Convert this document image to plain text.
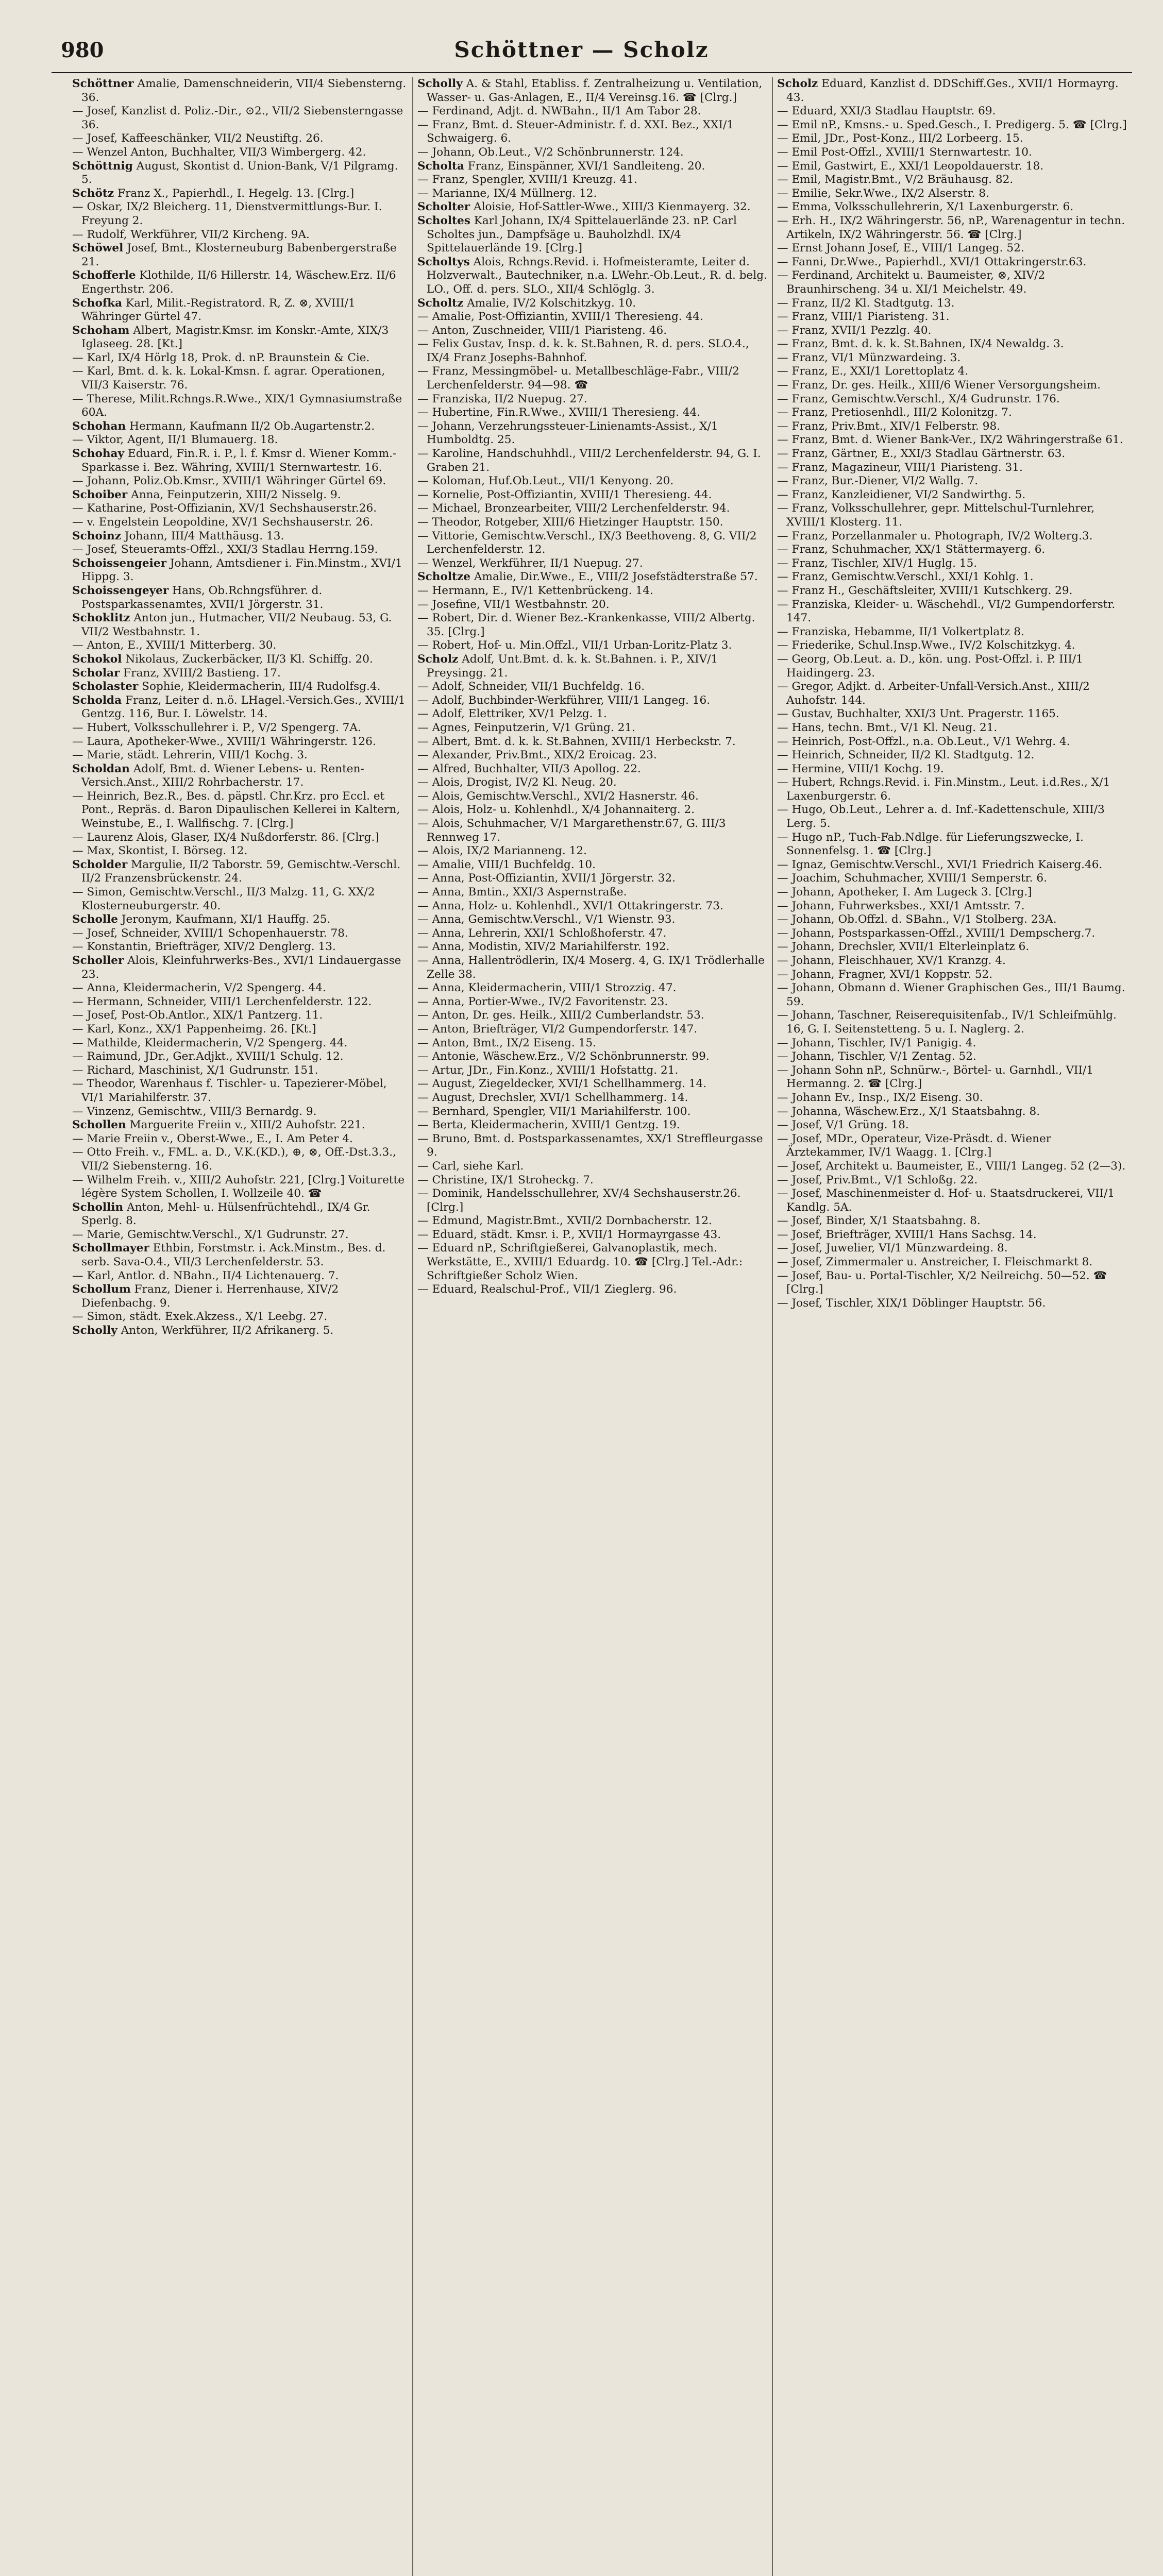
980	Schöttner — Scholz

Schöttner Amalie, Damenschneiderin, VII/4 Siebensterng. 36.

— Josef, Kanzlist d. Poliz.-Dir., ⊙2., VII/2 Siebensterngasse 36.

— Josef, Kaffeeschänker, VII/2 Neustiftg. 26.

— Wenzel Anton, Buchhalter, VII/3 Wimbergerg. 42.

Schöttnig August, Skontist d. Union-Bank, V/1 Pilgramg. 5.

Schötz Franz X., Papierhdl., I. Hegelg. 13. [Clrg.]

— Oskar, IX/2 Bleicherg. 11, Dienstvermittlungs-Bur. I. Freyung 2.

— Rudolf, Werkführer, VII/2 Kircheng. 9A.

Schöwel Josef, Bmt., Klosterneuburg Babenbergerstraße 21.

Schofferle Klothilde, II/6 Hillerstr. 14, Wäschew.Erz. II/6 Engerthstr. 206.

Schofka Karl, Milit.-Registratord. R, Z. ⊗, XVIII/1 Währinger Gürtel 47.

Schoham Albert, Magistr.Kmsr. im Konskr.-Amte, XIX/3 Iglaseeg. 28. [Kt.]

— Karl, IX/4 Hörlg 18, Prok. d. nP. Braunstein & Cie.

— Karl, Bmt. d. k. k. Lokal-Kmsn. f. agrar. Operationen, VII/3 Kaiserstr. 76.

— Therese, Milit.Rchngs.R.Wwe., XIX/1 Gymnasiumstraße 60A.

Schohan Hermann, Kaufmann II/2 Ob.Augartenstr.2.

— Viktor, Agent, II/1 Blumauerg. 18.

Schohay Eduard, Fin.R. i. P., l. f. Kmsr d. Wiener Komm.-Sparkasse i. Bez. Währing, XVIII/1 Sternwartestr. 16.

— Johann, Poliz.Ob.Kmsr., XVIII/1 Währinger Gürtel 69.

Schoiber Anna, Feinputzerin, XIII/2 Nisselg. 9.

— Katharine, Post-Offizianin, XV/1 Sechshauserstr.26.

— v. Engelstein Leopoldine, XV/1 Sechshauserstr. 26.

Schoinz Johann, III/4 Matthäusg. 13.

— Josef, Steueramts-Offzl., XXI/3 Stadlau Herrng.159.

Schoissengeier Johann, Amtsdiener i. Fin.Minstm., XVI/1 Hippg. 3.

Schoissengeyer Hans, Ob.Rchngsführer. d. Postsparkassenamtes, XVII/1 Jörgerstr. 31.

Schoklitz Anton jun., Hutmacher, VII/2 Neubaug. 53, G. VII/2 Westbahnstr. 1.

— Anton, E., XVIII/1 Mitterberg. 30.

Schokol Nikolaus, Zuckerbäcker, II/3 Kl. Schiffg. 20.

Scholar Franz, XVIII/2 Bastieng. 17.

Scholaster Sophie, Kleidermacherin, III/4 Rudolfsg.4.

Scholda Franz, Leiter d. n.ö. LHagel.-Versich.Ges., XVIII/1 Gentzg. 116, Bur. I. Löwelstr. 14.

— Hubert, Volksschullehrer i. P., V/2 Spengerg. 7A.

— Laura, Apotheker-Wwe., XVIII/1 Währingerstr. 126.

— Marie, städt. Lehrerin, VIII/1 Kochg. 3.

Scholdan Adolf, Bmt. d. Wiener Lebens- u. Renten-Versich.Anst., XIII/2 Rohrbacherstr. 17.

— Heinrich, Bez.R., Bes. d. päpstl. Chr.Krz. pro Eccl. et Pont., Repräs. d. Baron Dipaulischen Kellerei in Kaltern, Weinstube, E., I. Wallfischg. 7. [Clrg.]

— Laurenz Alois, Glaser, IX/4 Nußdorferstr. 86. [Clrg.]

— Max, Skontist, I. Börseg. 12.

Scholder Margulie, II/2 Taborstr. 59, Gemischtw.-Verschl. II/2 Franzensbrückenstr. 24.

— Simon, Gemischtw.Verschl., II/3 Malzg. 11, G. XX/2 Klosterneuburgerstr. 40.

Scholle Jeronym, Kaufmann, XI/1 Hauffg. 25.

— Josef, Schneider, XVIII/1 Schopenhauerstr. 78.

— Konstantin, Briefträger, XIV/2 Denglerg. 13.

Scholler Alois, Kleinfuhrwerks-Bes., XVI/1 Lindauergasse 23.

— Anna, Kleidermacherin, V/2 Spengerg. 44.

— Hermann, Schneider, VIII/1 Lerchenfelderstr. 122.

— Josef, Post-Ob.Antlor., XIX/1 Pantzerg. 11.

— Karl, Konz., XX/1 Pappenheimg. 26. [Kt.]

— Mathilde, Kleidermacherin, V/2 Spengerg. 44.

— Raimund, JDr., Ger.Adjkt., XVIII/1 Schulg. 12.

— Richard, Maschinist, X/1 Gudrunstr. 151.

— Theodor, Warenhaus f. Tischler- u. Tapezierer-Möbel, VI/1 Mariahilferstr. 37.

— Vinzenz, Gemischtw., VIII/3 Bernardg. 9.

Schollen Marguerite Freiin v., XIII/2 Auhofstr. 221.

— Marie Freiin v., Oberst-Wwe., E., I. Am Peter 4.

— Otto Freih. v., FML. a. D., V.K.(KD.), ⊕, ⊗, Off.-Dst.3.3., VII/2 Siebensterng. 16.

— Wilhelm Freih. v., XIII/2 Auhofstr. 221, [Clrg.] Voiturette légère System Schollen, I. Wollzeile 40. ☎

Schollin Anton, Mehl- u. Hülsenfrüchtehdl., IX/4 Gr. Sperlg. 8.

— Marie, Gemischtw.Verschl., X/1 Gudrunstr. 27.

Schollmayer Ethbin, Forstmstr. i. Ack.Minstm., Bes. d. serb. Sava-O.4., VII/3 Lerchenfelderstr. 53.

— Karl, Antlor. d. NBahn., II/4 Lichtenauerg. 7.

Schollum Franz, Diener i. Herrenhause, XIV/2 Diefenbachg. 9.

— Simon, städt. Exek.Akzess., X/1 Leebg. 27.

Scholly Anton, Werkführer, II/2 Afrikanerg. 5.

Scholly A. & Stahl, Etabliss. f. Zentralheizung u. Ventilation, Wasser- u. Gas-Anlagen, E., II/4 Vereinsg.16. ☎ [Clrg.]

— Ferdinand, Adjt. d. NWBahn., II/1 Am Tabor 28.

— Franz, Bmt. d. Steuer-Administr. f. d. XXI. Bez., XXI/1 Schwaigerg. 6.

— Johann, Ob.Leut., V/2 Schönbrunnerstr. 124.

Scholta Franz, Einspänner, XVI/1 Sandleiteng. 20.

— Franz, Spengler, XVIII/1 Kreuzg. 41.

— Marianne, IX/4 Müllnerg. 12.

Scholter Aloisie, Hof-Sattler-Wwe., XIII/3 Kienmayerg. 32.

Scholtes Karl Johann, IX/4 Spittelauerlände 23. nP. Carl Scholtes jun., Dampfsäge u. Bauholzhdl. IX/4 Spittelauerlände 19. [Clrg.]

Scholtys Alois, Rchngs.Revid. i. Hofmeisteramte, Leiter d. Holzverwalt., Bautechniker, n.a. LWehr.-Ob.Leut., R. d. belg. LO., Off. d. pers. SLO., XII/4 Schlöglg. 3.

Scholtz Amalie, IV/2 Kolschitzkyg. 10.

— Amalie, Post-Offiziantin, XVIII/1 Theresieng. 44.

— Anton, Zuschneider, VIII/1 Piaristeng. 46.

— Felix Gustav, Insp. d. k. k. St.Bahnen, R. d. pers. SLO.4., IX/4 Franz Josephs-Bahnhof.

— Franz, Messingmöbel- u. Metallbeschläge-Fabr., VIII/2 Lerchenfelderstr. 94—98. ☎

— Franziska, II/2 Nuepug. 27.

— Hubertine, Fin.R.Wwe., XVIII/1 Theresieng. 44.

— Johann, Verzehrungssteuer-Linienamts-Assist., X/1 Humboldtg. 25.

— Karoline, Handschuhhdl., VIII/2 Lerchenfelderstr. 94, G. I. Graben 21.

— Koloman, Huf.Ob.Leut., VII/1 Kenyong. 20.

— Kornelie, Post-Offiziantin, XVIII/1 Theresieng. 44.

— Michael, Bronzearbeiter, VIII/2 Lerchenfelderstr. 94.

— Theodor, Rotgeber, XIII/6 Hietzinger Hauptstr. 150.

— Vittorie, Gemischtw.Verschl., IX/3 Beethoveng. 8, G. VII/2 Lerchenfelderstr. 12.

— Wenzel, Werkführer, II/1 Nuepug. 27.

Scholtze Amalie, Dir.Wwe., E., VIII/2 Josefstädterstraße 57.

— Hermann, E., IV/1 Kettenbrückeng. 14.

— Josefine, VII/1 Westbahnstr. 20.

— Robert, Dir. d. Wiener Bez.-Krankenkasse, VIII/2 Albertg. 35. [Clrg.]

— Robert, Hof- u. Min.Offzl., VII/1 Urban-Loritz-Platz 3.

Scholz Adolf, Unt.Bmt. d. k. k. St.Bahnen. i. P., XIV/1 Preysingg. 21.

— Adolf, Schneider, VII/1 Buchfeldg. 16.

— Adolf, Buchbinder-Werkführer, VIII/1 Langeg. 16.

— Adolf, Elettriker, XV/1 Pelzg. 1.

— Agnes, Feinputzerin, V/1 Grüng. 21.

— Albert, Bmt. d. k. k. St.Bahnen, XVIII/1 Herbeckstr. 7.

— Alexander, Priv.Bmt., XIX/2 Eroicag. 23.

— Alfred, Buchhalter, VII/3 Apollog. 22.

— Alois, Drogist, IV/2 Kl. Neug. 20.

— Alois, Gemischtw.Verschl., XVI/2 Hasnerstr. 46.

— Alois, Holz- u. Kohlenhdl., X/4 Johannaiterg. 2.

— Alois, Schuhmacher, V/1 Margarethenstr.67, G. III/3 Rennweg 17.

— Alois, IX/2 Marianneng. 12.

— Amalie, VIII/1 Buchfeldg. 10.

— Anna, Post-Offiziantin, XVII/1 Jörgerstr. 32.

— Anna, Bmtin., XXI/3 Aspernstraße.

— Anna, Holz- u. Kohlenhdl., XVI/1 Ottakringerstr. 73.

— Anna, Gemischtw.Verschl., V/1 Wienstr. 93.

— Anna, Lehrerin, XXI/1 Schloßhoferstr. 47.

— Anna, Modistin, XIV/2 Mariahilferstr. 192.

— Anna, Hallentrödlerin, IX/4 Moserg. 4, G. IX/1 Trödlerhalle Zelle 38.

— Anna, Kleidermacherin, VIII/1 Strozzig. 47.

— Anna, Portier-Wwe., IV/2 Favoritenstr. 23.

— Anton, Dr. ges. Heilk., XIII/2 Cumberlandstr. 53.

— Anton, Briefträger, VI/2 Gumpendorferstr. 147.

— Anton, Bmt., IX/2 Eiseng. 15.

— Antonie, Wäschew.Erz., V/2 Schönbrunnerstr. 99.

— Artur, JDr., Fin.Konz., XVIII/1 Hofstattg. 21.

— August, Ziegeldecker, XVI/1 Schellhammerg. 14.

— August, Drechsler, XVI/1 Schellhammerg. 14.

— Bernhard, Spengler, VII/1 Mariahilferstr. 100.

— Berta, Kleidermacherin, XVIII/1 Gentzg. 19.

— Bruno, Bmt. d. Postsparkassenamtes, XX/1 Streffleurgasse 9.

— Carl, siehe Karl.

— Christine, IX/1 Stroheckg. 7.

— Dominik, Handelsschullehrer, XV/4 Sechshauserstr.26. [Clrg.]

— Edmund, Magistr.Bmt., XVII/2 Dornbacherstr. 12.

— Eduard, städt. Kmsr. i. P., XVII/1 Hormayrgasse 43.

— Eduard nP., Schriftgießerei, Galvanoplastik, mech. Werkstätte, E., XVIII/1 Eduardg. 10. ☎ [Clrg.] Tel.-Adr.: Schriftgießer Scholz Wien.

— Eduard, Realschul-Prof., VII/1 Zieglerg. 96.

Scholz Eduard, Kanzlist d. DDSchiff.Ges., XVII/1 Hormayrg. 43.

— Eduard, XXI/3 Stadlau Hauptstr. 69.

— Emil nP., Kmsns.- u. Sped.Gesch., I. Predigerg. 5. ☎ [Clrg.]

— Emil, JDr., Post-Konz., III/2 Lorbeerg. 15.

— Emil Post-Offzl., XVIII/1 Sternwartestr. 10.

— Emil, Gastwirt, E., XXI/1 Leopoldauerstr. 18.

— Emil, Magistr.Bmt., V/2 Bräuhausg. 82.

— Emilie, Sekr.Wwe., IX/2 Alserstr. 8.

— Emma, Volksschullehrerin, X/1 Laxenburgerstr. 6.

— Erh. H., IX/2 Währingerstr. 56, nP., Warenagentur in techn. Artikeln, IX/2 Währingerstr. 56. ☎ [Clrg.]

— Ernst Johann Josef, E., VIII/1 Langeg. 52.

— Fanni, Dr.Wwe., Papierhdl., XVI/1 Ottakringerstr.63.

— Ferdinand, Architekt u. Baumeister, ⊗, XIV/2 Braunhirscheng. 34 u. XI/1 Meichelstr. 49.

— Franz, II/2 Kl. Stadtgutg. 13.

— Franz, VIII/1 Piaristeng. 31.

— Franz, XVII/1 Pezzlg. 40.

— Franz, Bmt. d. k. k. St.Bahnen, IX/4 Newaldg. 3.

— Franz, VI/1 Münzwardeing. 3.

— Franz, E., XXI/1 Lorettoplatz 4.

— Franz, Dr. ges. Heilk., XIII/6 Wiener Versorgungsheim.

— Franz, Gemischtw.Verschl., X/4 Gudrunstr. 176.

— Franz, Pretiosenhdl., III/2 Kolonitzg. 7.

— Franz, Priv.Bmt., XIV/1 Felberstr. 98.

— Franz, Bmt. d. Wiener Bank-Ver., IX/2 Währingerstraße 61.

— Franz, Gärtner, E., XXI/3 Stadlau Gärtnerstr. 63.

— Franz, Magazineur, VIII/1 Piaristeng. 31.

— Franz, Bur.-Diener, VI/2 Wallg. 7.

— Franz, Kanzleidiener, VI/2 Sandwirthg. 5.

— Franz, Volksschullehrer, gepr. Mittelschul-Turnlehrer, XVIII/1 Klosterg. 11.

— Franz, Porzellanmaler u. Photograph, IV/2 Wolterg.3.

— Franz, Schuhmacher, XX/1 Stättermayerg. 6.

— Franz, Tischler, XIV/1 Huglg. 15.

— Franz, Gemischtw.Verschl., XXI/1 Kohlg. 1.

— Franz H., Geschäftsleiter, XVIII/1 Kutschkerg. 29.

— Franziska, Kleider- u. Wäschehdl., VI/2 Gumpendorferstr. 147.

— Franziska, Hebamme, II/1 Volkertplatz 8.

— Friederike, Schul.Insp.Wwe., IV/2 Kolschitzkyg. 4.

— Georg, Ob.Leut. a. D., kön. ung. Post-Offzl. i. P. III/1 Haidingerg. 23.

— Gregor, Adjkt. d. Arbeiter-Unfall-Versich.Anst., XIII/2 Auhofstr. 144.

— Gustav, Buchhalter, XXI/3 Unt. Pragerstr. 1165.

— Hans, techn. Bmt., V/1 Kl. Neug. 21.

— Heinrich, Post-Offzl., n.a. Ob.Leut., V/1 Wehrg. 4.

— Heinrich, Schneider, II/2 Kl. Stadtgutg. 12.

— Hermine, VIII/1 Kochg. 19.

— Hubert, Rchngs.Revid. i. Fin.Minstm., Leut. i.d.Res., X/1 Laxenburgerstr. 6.

— Hugo, Ob.Leut., Lehrer a. d. Inf.-Kadettenschule, XIII/3 Lerg. 5.

— Hugo nP., Tuch-Fab.Ndlge. für Lieferungszwecke, I. Sonnenfelsg. 1. ☎ [Clrg.]

— Ignaz, Gemischtw.Verschl., XVI/1 Friedrich Kaiserg.46.

— Joachim, Schuhmacher, XVIII/1 Semperstr. 6.

— Johann, Apotheker, I. Am Lugeck 3. [Clrg.]

— Johann, Fuhrwerksbes., XXI/1 Amtsstr. 7.

— Johann, Ob.Offzl. d. SBahn., V/1 Stolberg. 23A.

— Johann, Postsparkassen-Offzl., XVIII/1 Dempscherg.7.

— Johann, Drechsler, XVII/1 Elterleinplatz 6.

— Johann, Fleischhauer, XV/1 Kranzg. 4.

— Johann, Fragner, XVI/1 Koppstr. 52.

— Johann, Obmann d. Wiener Graphischen Ges., III/1 Baumg. 59.

— Johann, Taschner, Reiserequisitenfab., IV/1 Schleifmühlg. 16, G. I. Seitenstetteng. 5 u. I. Naglerg. 2.

— Johann, Tischler, IV/1 Panigig. 4.

— Johann, Tischler, V/1 Zentag. 52.

— Johann Sohn nP., Schnürw.-, Börtel- u. Garnhdl., VII/1 Hermanng. 2. ☎ [Clrg.]

— Johann Ev., Insp., IX/2 Eiseng. 30.

— Johanna, Wäschew.Erz., X/1 Staatsbahng. 8.

— Josef, V/1 Grüng. 18.

— Josef, MDr., Operateur, Vize-Präsdt. d. Wiener Ärztekammer, IV/1 Waagg. 1. [Clrg.]

— Josef, Architekt u. Baumeister, E., VIII/1 Langeg. 52 (2—3).

— Josef, Priv.Bmt., V/1 Schloßg. 22.

— Josef, Maschinenmeister d. Hof- u. Staatsdruckerei, VII/1 Kandlg. 5A.

— Josef, Binder, X/1 Staatsbahng. 8.

— Josef, Briefträger, XVIII/1 Hans Sachsg. 14.

— Josef, Juwelier, VI/1 Münzwardeing. 8.

— Josef, Zimmermaler u. Anstreicher, I. Fleischmarkt 8.

— Josef, Bau- u. Portal-Tischler, X/2 Neilreichg. 50—52. ☎ [Clrg.]

— Josef, Tischler, XIX/1 Döblinger Hauptstr. 56.
